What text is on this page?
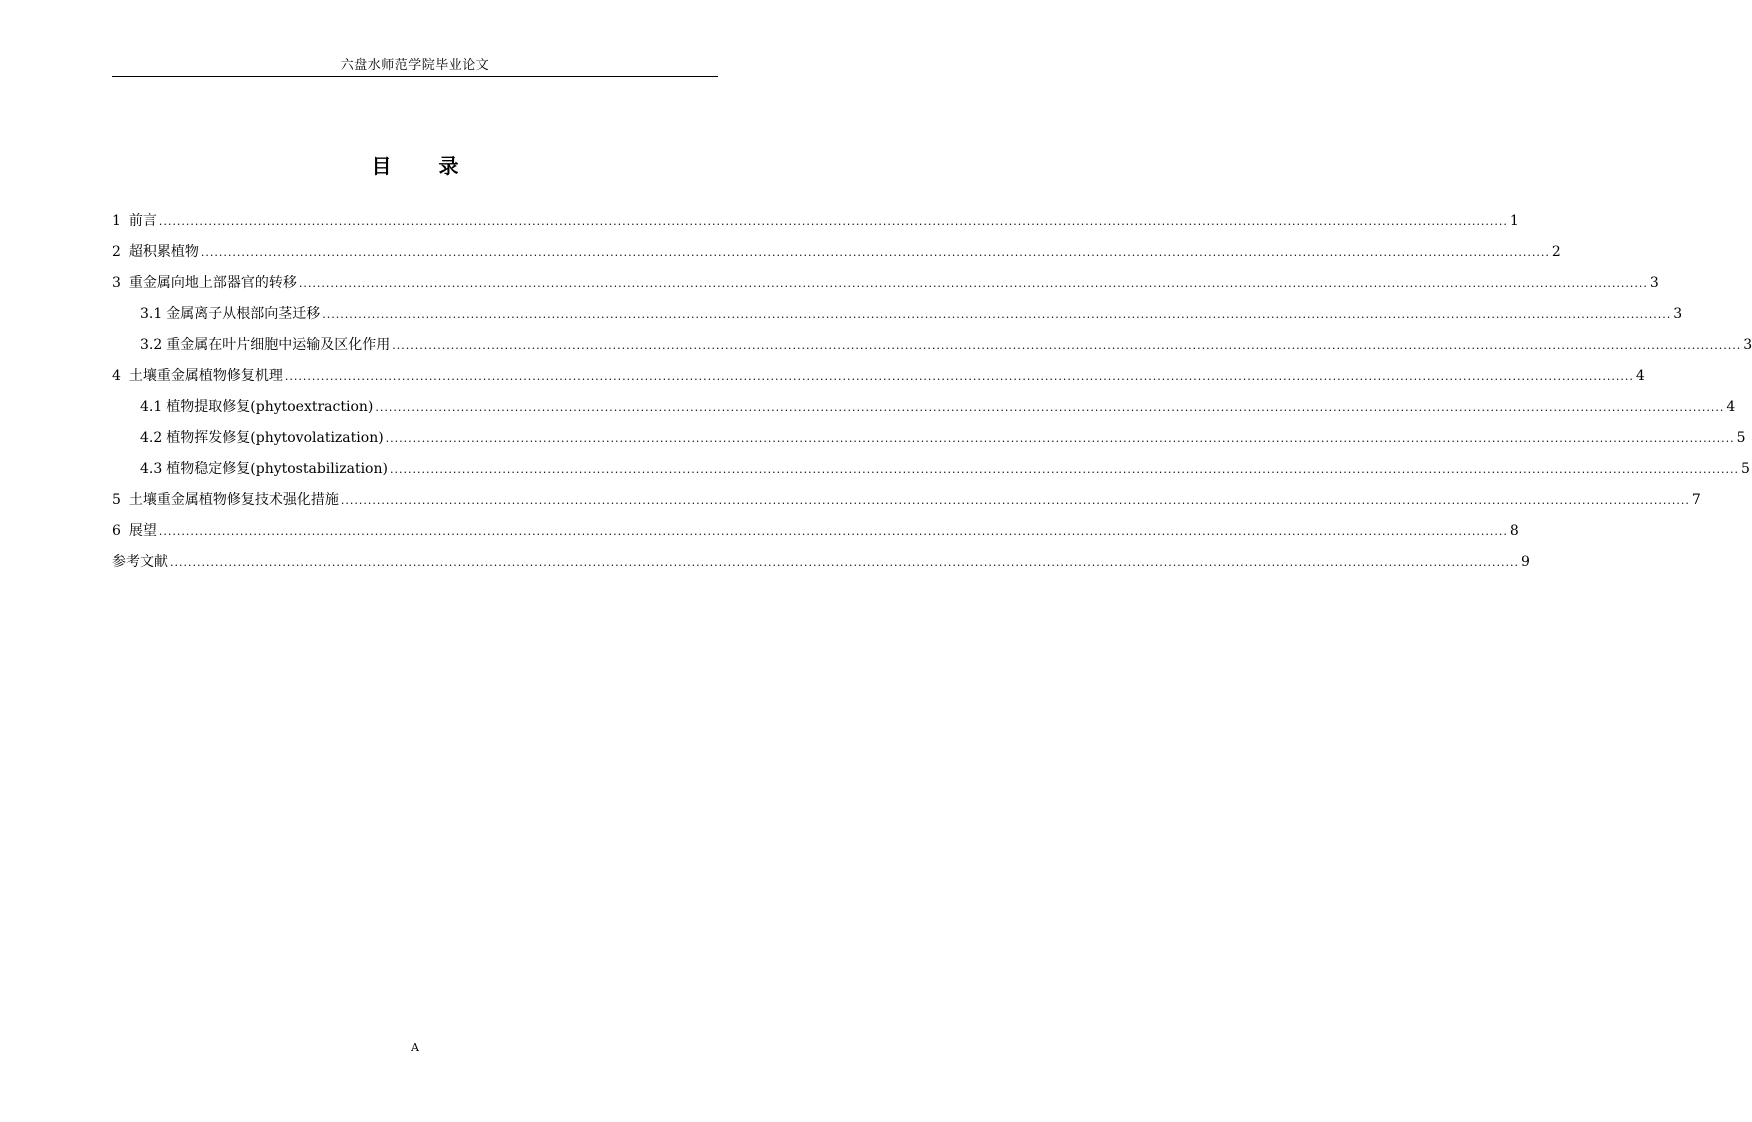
六盘水师范学院毕业论文
目 录
1 前言 ............................................................................................................................................................................................................................................................................................................ 1
2 超积累植物 ............................................................................................................................................................................................................................................................................................................ 2
3 重金属向地上部器官的转移 ............................................................................................................................................................................................................................................................................................................ 3
3.1 金属离子从根部向茎迁移 ............................................................................................................................................................................................................................................................................................................ 3
3.2 重金属在叶片细胞中运输及区化作用 ............................................................................................................................................................................................................................................................................................................ 3
4 土壤重金属植物修复机理 ............................................................................................................................................................................................................................................................................................................ 4
4.1 植物提取修复(phytoextraction) ............................................................................................................................................................................................................................................................................................................ 4
4.2 植物挥发修复(phytovolatization) ............................................................................................................................................................................................................................................................................................................ 5
4.3 植物稳定修复(phytostabilization) ............................................................................................................................................................................................................................................................................................................ 5
5 土壤重金属植物修复技术强化措施 ............................................................................................................................................................................................................................................................................................................ 7
6 展望 ............................................................................................................................................................................................................................................................................................................ 8
参考文献 ............................................................................................................................................................................................................................................................................................................ 9
A
